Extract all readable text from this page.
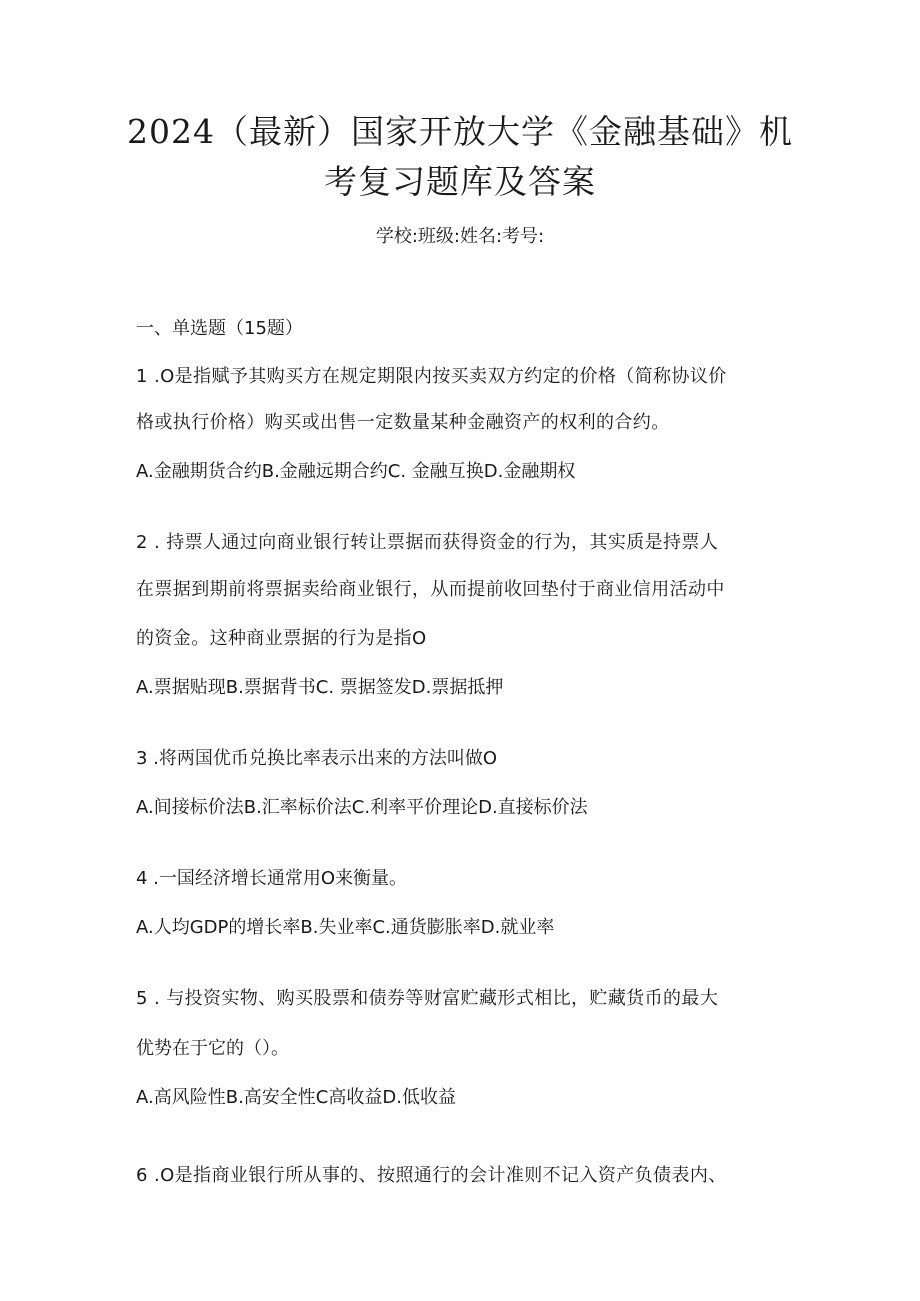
2024（最新）国家开放大学《金融基础》机
考复习题库及答案
学校:班级:姓名:考号:
一、单选题（15题）
1 .O是指赋予其购买方在规定期限内按买卖双方约定的价格（简称协议价
格或执行价格）购买或出售一定数量某种金融资产的权利的合约。
A.金融期货合约B.金融远期合约C. 金融互换D.金融期权
2 . 持票人通过向商业银行转让票据而获得资金的行为，其实质是持票人
在票据到期前将票据卖给商业银行，从而提前收回垫付于商业信用活动中
的资金。这种商业票据的行为是指O
A.票据贴现B.票据背书C. 票据签发D.票据抵押
3 .将两国优币兑换比率表示出来的方法叫做O
A.间接标价法B.汇率标价法C.利率平价理论D.直接标价法
4 .一国经济增长通常用O来衡量。
A.人均GDP的增长率B.失业率C.通货膨胀率D.就业率
5 . 与投资实物、购买股票和债券等财富贮藏形式相比，贮藏货币的最大
优势在于它的（）。
A.高风险性B.高安全性C高收益D.低收益
6 .O是指商业银行所从事的、按照通行的会计准则不记入资产负债表内、
